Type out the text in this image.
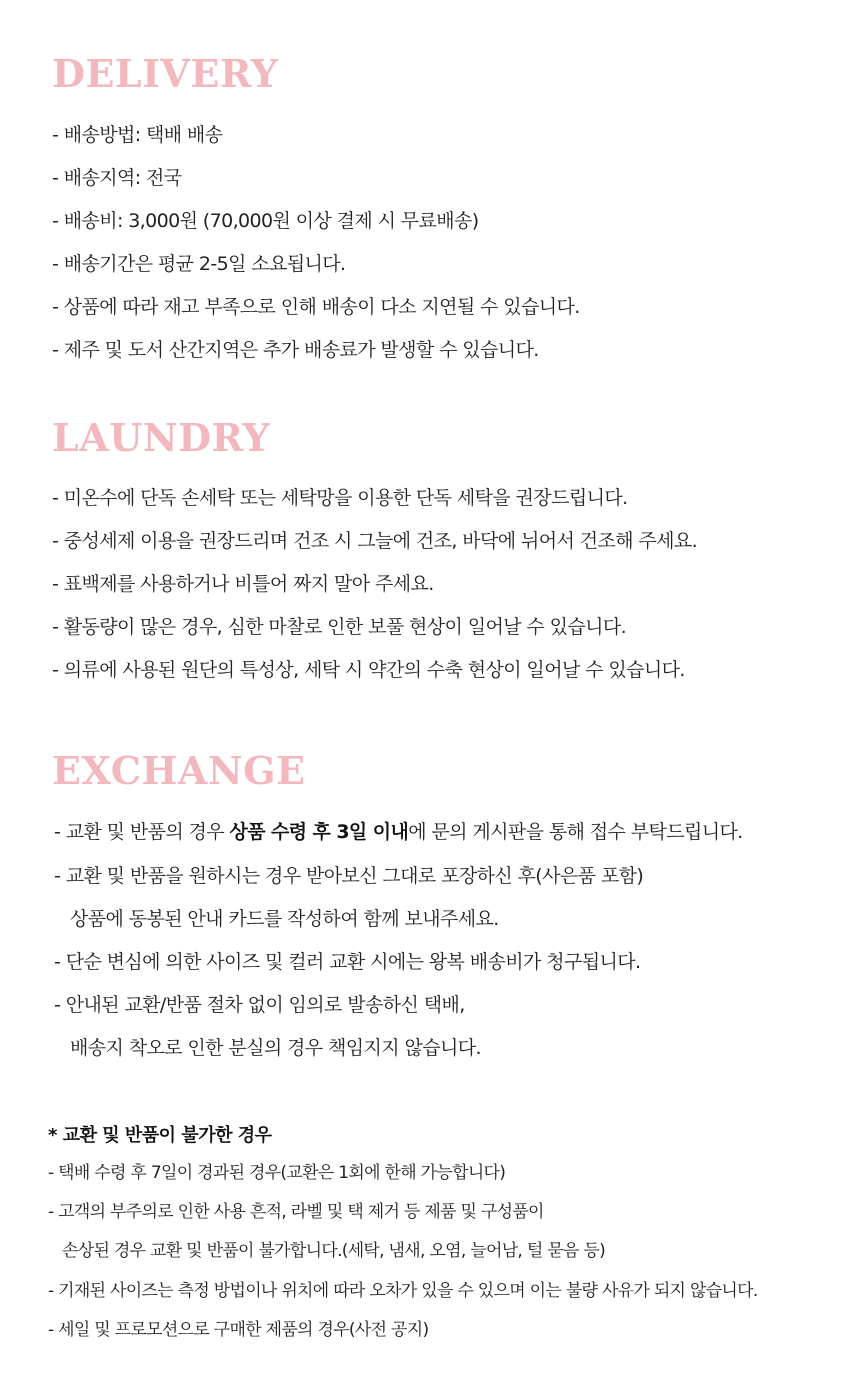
DELIVERY

- 배송방법: 택배 배송

- 배송지역: 전국

- 배송비: 3,000원 (70,000원 이상 결제 시 무료배송)

- 배송기간은 평균 2-5일 소요됩니다.

- 상품에 따라 재고 부족으로 인해 배송이 다소 지연될 수 있습니다.

- 제주 및 도서 산간지역은 추가 배송료가 발생할 수 있습니다.

LAUNDRY

- 미온수에 단독 손세탁 또는 세탁망을 이용한 단독 세탁을 권장드립니다.

- 중성세제 이용을 권장드리며 건조 시 그늘에 건조, 바닥에 뉘어서 건조해 주세요.

- 표백제를 사용하거나 비틀어 짜지 말아 주세요.

- 활동량이 많은 경우, 심한 마찰로 인한 보풀 현상이 일어날 수 있습니다.

- 의류에 사용된 원단의 특성상, 세탁 시 약간의 수축 현상이 일어날 수 있습니다.

EXCHANGE

- 교환 및 반품의 경우 상품 수령 후 3일 이내에 문의 게시판을 통해 접수 부탁드립니다.

- 교환 및 반품을 원하시는 경우 받아보신 그대로 포장하신 후(사은품 포함)

상품에 동봉된 안내 카드를 작성하여 함께 보내주세요.

- 단순 변심에 의한 사이즈 및 컬러 교환 시에는 왕복 배송비가 청구됩니다.

- 안내된 교환/반품 절차 없이 임의로 발송하신 택배,

배송지 착오로 인한 분실의 경우 책임지지 않습니다.

* 교환 및 반품이 불가한 경우

- 택배 수령 후 7일이 경과된 경우(교환은 1회에 한해 가능합니다)

- 고객의 부주의로 인한 사용 흔적, 라벨 및 택 제거 등 제품 및 구성품이

손상된 경우 교환 및 반품이 불가합니다.(세탁, 냄새, 오염, 늘어남, 털 묻음 등)

- 기재된 사이즈는 측정 방법이나 위치에 따라 오차가 있을 수 있으며 이는 불량 사유가 되지 않습니다.

- 세일 및 프로모션으로 구매한 제품의 경우(사전 공지)
